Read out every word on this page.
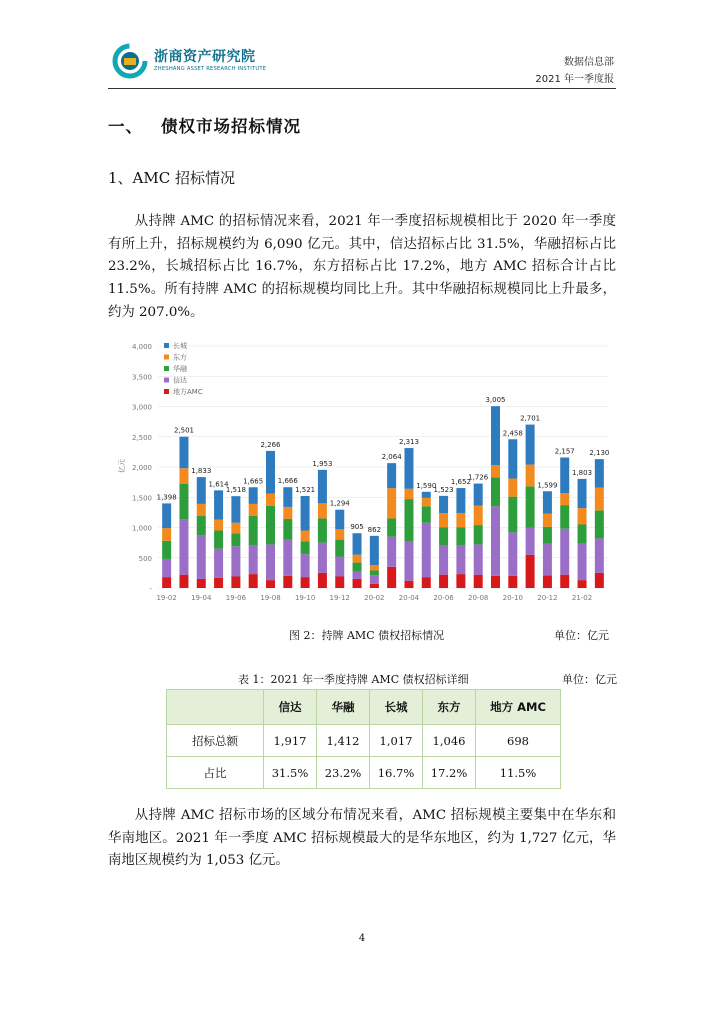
浙商资产研究院
ZHESHANG ASSET RESEARCH INSTITUTE
数据信息部
2021 年一季度报
一、 债权市场招标情况
1、AMC 招标情况

从持牌 AMC 的招标情况来看，2021 年一季度招标规模相比于 2020 年一季度有所上升，招标规模约为 6,090 亿元。其中，信达招标占比 31.5%，华融招标占比 23.2%，长城招标占比 16.7%，东方招标占比 17.2%，地方 AMC 招标合计占比 11.5%。所有持牌 AMC 的招标规模均同比上升。其中华融招标规模同比上升最多，约为 207.0%。

-
500
1,000
1,500
2,000
2,500
3,000
3,500
4,000
亿元
1,398
2,501
1,833
1,614
1,518
1,665
2,266
1,666
1,521
1,953
1,294
905 862
2,064
2,313
1,590
1,523
1,652
1,726
3,005
2,458
2,701
1,599
2,157
1,803
2,130
19-02 19-04 19-06 19-08 19-10 19-12 20-02 20-04 20-06 20-08 20-10 20-12 21-02
长城
东方
华融
信达
地方AMC
图 2：持牌 AMC 债权招标情况	单位：亿元
表 1：2021 年一季度持牌 AMC 债权招标详细	单位：亿元
	信达	华融	长城	东方	地方 AMC
招标总额	1,917	1,412	1,017	1,046	698
占比	31.5%	23.2%	16.7%	17.2%	11.5%

从持牌 AMC 招标市场的区域分布情况来看，AMC 招标规模主要集中在华东和华南地区。2021 年一季度 AMC 招标规模最大的是华东地区，约为 1,727 亿元，华南地区规模约为 1,053 亿元。

4
